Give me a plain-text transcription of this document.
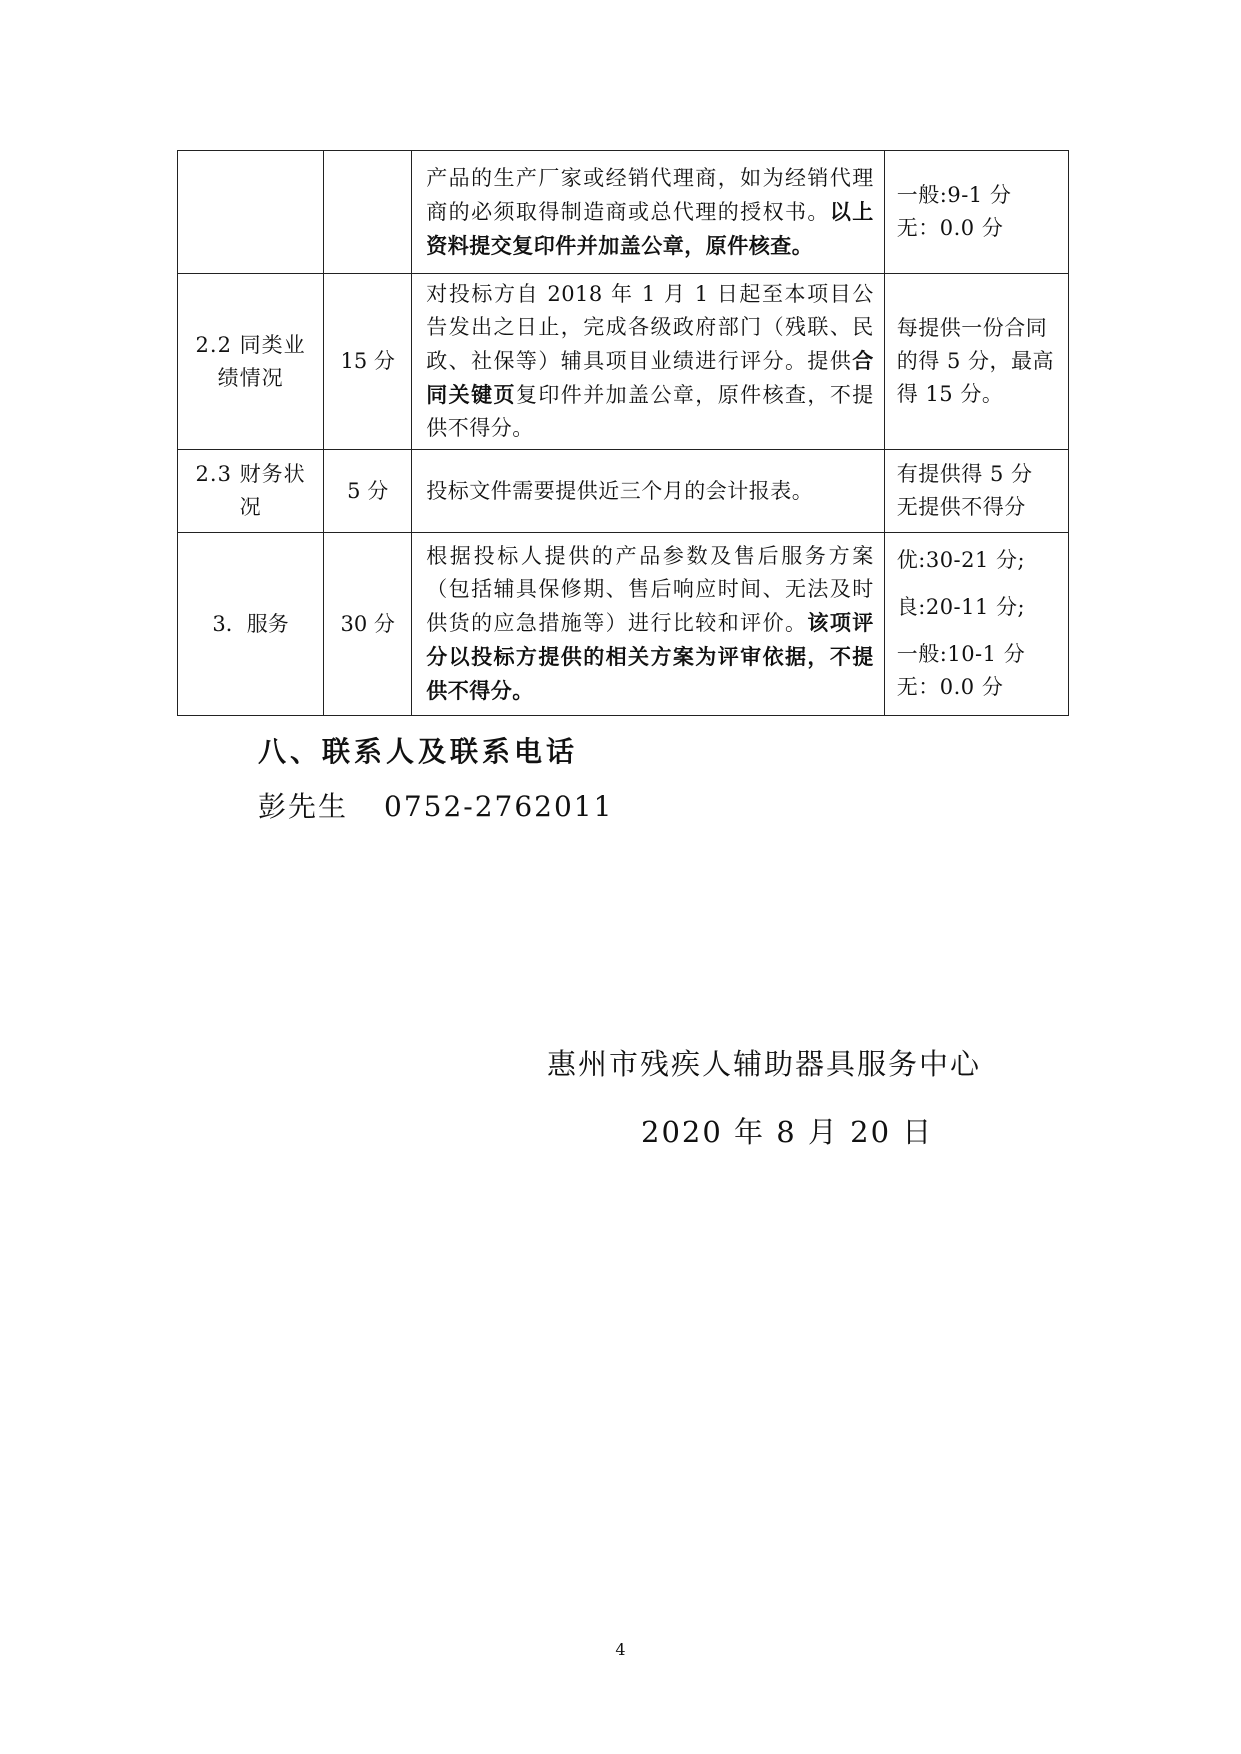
		产品的生产厂家或经销代理商，如为经销代理商的必须取得制造商或总代理的授权书。以上资料提交复印件并加盖公章，原件核查。	一般:9-1 分
无：0.0 分

2.2 同类业绩情况	15 分	对投标方自 2018 年 1 月 1 日起至本项目公告发出之日止，完成各级政府部门（残联、民政、社保等）辅具项目业绩进行评分。提供合同关键页复印件并加盖公章，原件核查，不提供不得分。	每提供一份合同的得 5 分，最高得 15 分。

2.3 财务状况	5 分	投标文件需要提供近三个月的会计报表。	有提供得 5 分
无提供不得分

3．服务	30 分	根据投标人提供的产品参数及售后服务方案（包括辅具保修期、售后响应时间、无法及时供货的应急措施等）进行比较和评价。该项评分以投标方提供的相关方案为评审依据，不提供不得分。	优:30-21 分;
良:20-11 分;
一般:10-1 分
无：0.0 分
八、联系人及联系电话
彭先生 0752-2762011
惠州市残疾人辅助器具服务中心
2020 年 8 月 20 日
4
